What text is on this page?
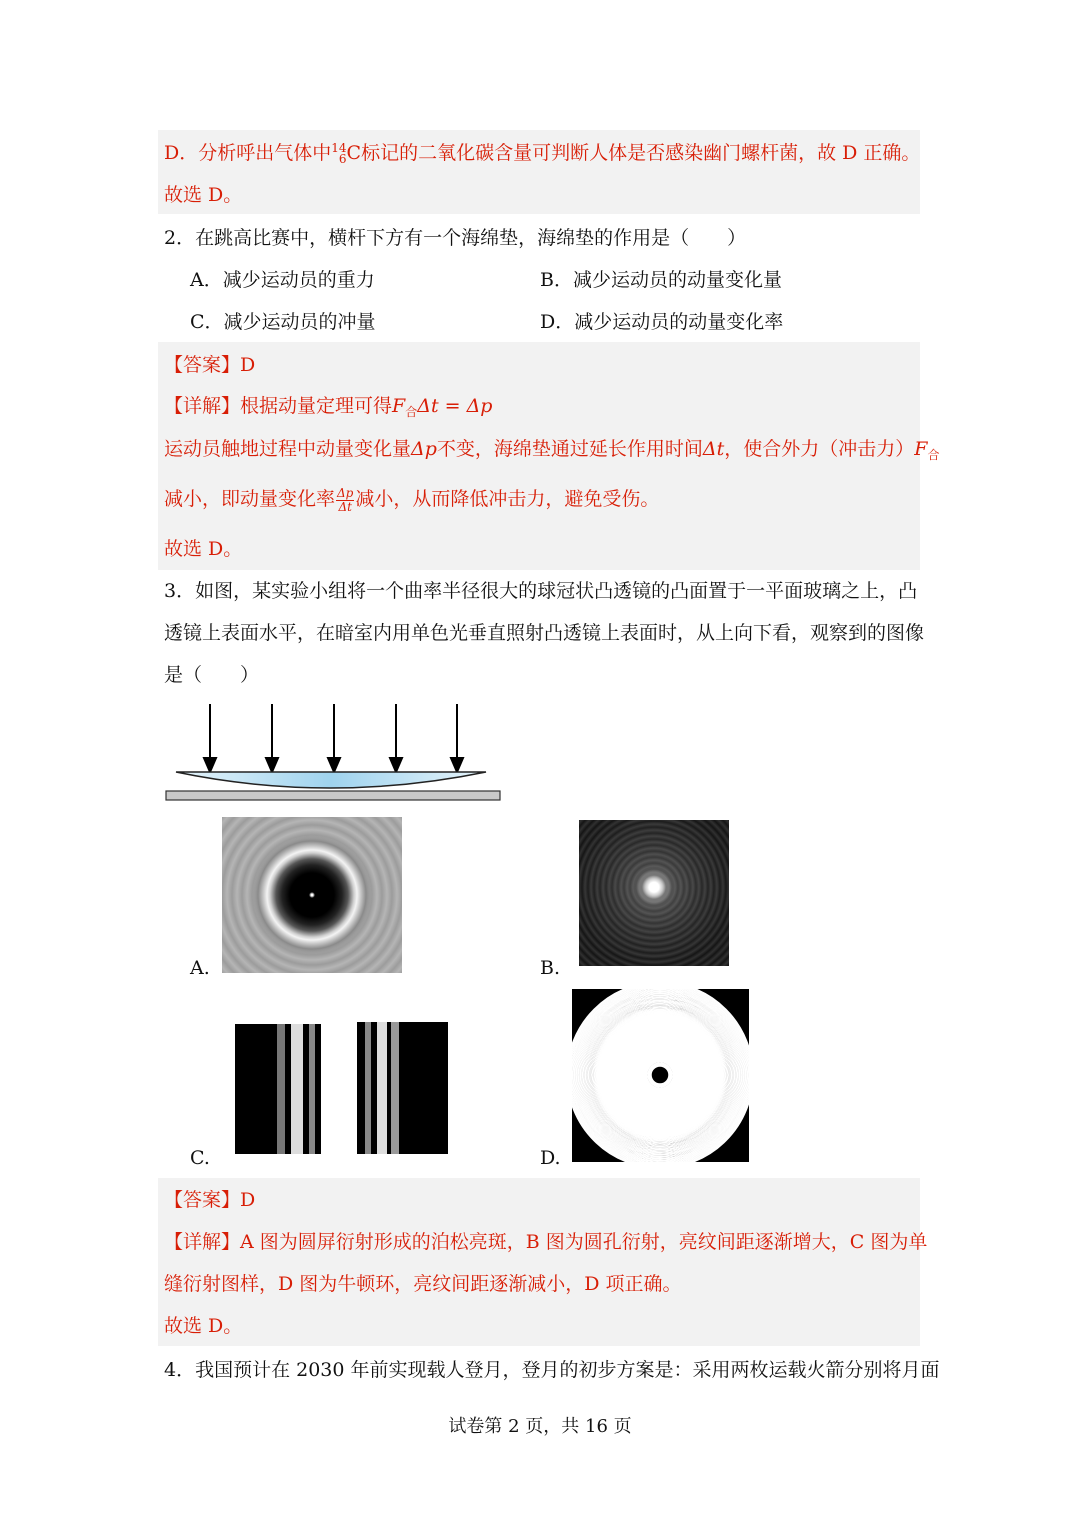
D．分析呼出气体中 14
6 C标记的二氧化碳含量可判断人体是否感染幽门螺杆菌，故 D 正确。
故选 D。
2．在跳高比赛中，横杆下方有一个海绵垫，海绵垫的作用是（　　）
A．减少运动员的重力	B．减少运动员的动量变化量
C．减少运动员的冲量	D．减少运动员的动量变化率
【答案】D
【详解】根据动量定理可得$F_合\Delta t = \Delta p$
运动员触地过程中动量变化量Δp不变，海绵垫通过延长作用时间Δt，使合外力（冲击力）$F_合$
减小，即动量变化率 $\frac{\Delta p}{\Delta t}$ 减小，从而降低冲击力，避免受伤。
故选 D。
3．如图，某实验小组将一个曲率半径很大的球冠状凸透镜的凸面置于一平面玻璃之上，凸
透镜上表面水平，在暗室内用单色光垂直照射凸透镜上表面时，从上向下看，观察到的图像
是（　　）
A.	B.
C.	D.
【答案】D
【详解】A 图为圆屏衍射形成的泊松亮斑，B 图为圆孔衍射，亮纹间距逐渐增大，C 图为单
缝衍射图样，D 图为牛顿环，亮纹间距逐渐减小，D 项正确。
故选 D。
4．我国预计在 2030 年前实现载人登月，登月的初步方案是：采用两枚运载火箭分别将月面
试卷第 2 页，共 16 页
